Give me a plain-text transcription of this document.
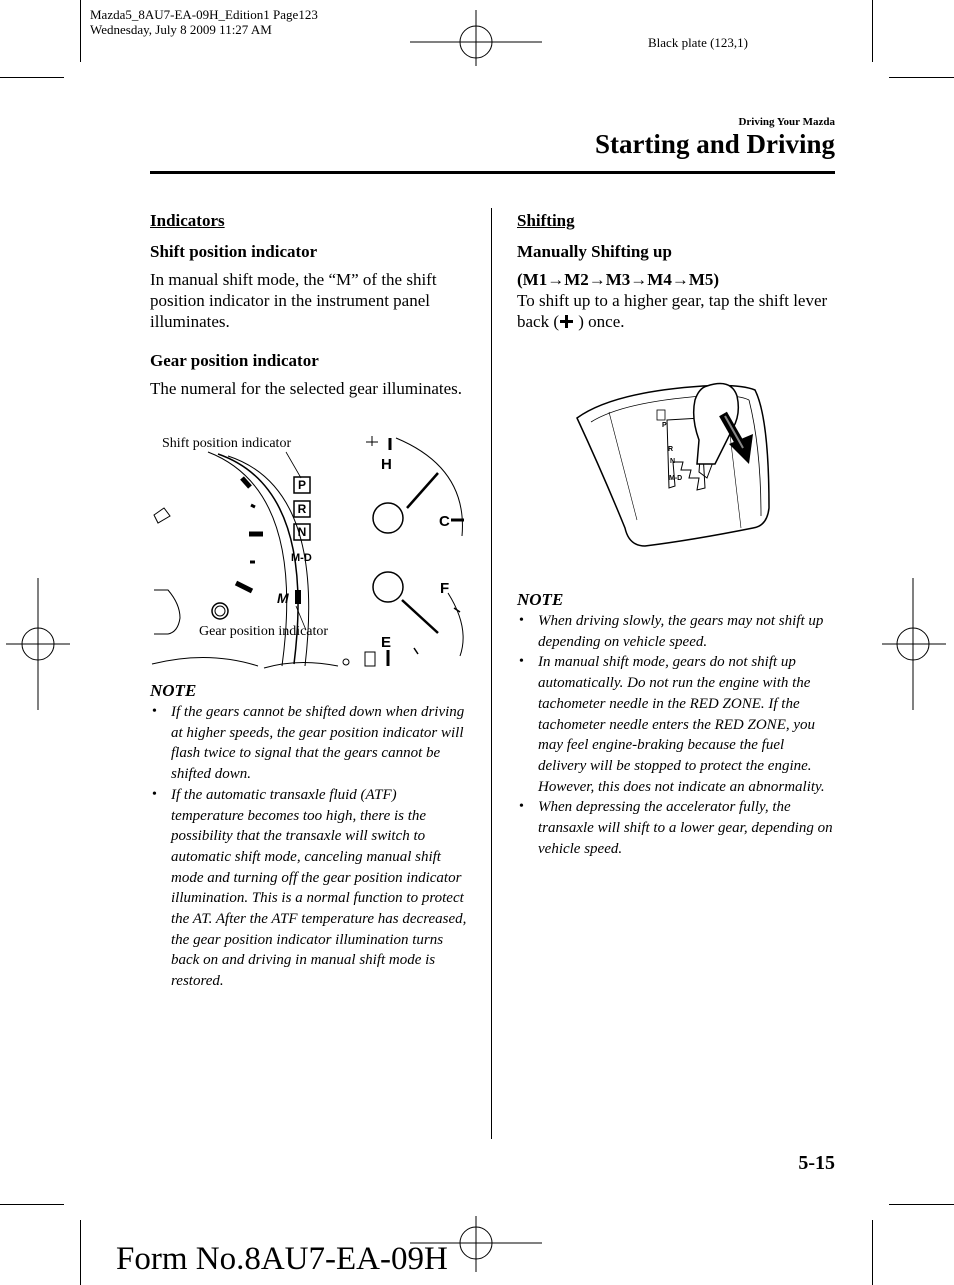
Mazda5_8AU7-EA-09H_Edition1 Page123
Wednesday, July 8 2009 11:27 AM
Black plate (123,1)
Driving Your Mazda
Starting and Driving
Indicators
Shift position indicator
In manual shift mode, the “M” of the shift position indicator in the instrument panel illuminates.
Gear position indicator
The numeral for the selected gear illuminates.
Shift position indicator
Gear position indicator
P
R
N
M-D
M
H
C
F
E
NOTE
• If the gears cannot be shifted down when driving at higher speeds, the gear position indicator will flash twice to signal that the gears cannot be shifted down.
• If the automatic transaxle fluid (ATF) temperature becomes too high, there is the possibility that the transaxle will switch to automatic shift mode, canceling manual shift mode and turning off the gear position indicator illumination. This is a normal function to protect the AT. After the ATF temperature has decreased, the gear position indicator illumination turns back on and driving in manual shift mode is restored.
Shifting
Manually Shifting up
(M1→M2→M3→M4→M5)
To shift up to a higher gear, tap the shift lever back (
) once.
P
R
N
M-D
NOTE
• When driving slowly, the gears may not shift up depending on vehicle speed.
• In manual shift mode, gears do not shift up automatically. Do not run the engine with the tachometer needle in the RED ZONE. If the tachometer needle enters the RED ZONE, you may feel engine-braking because the fuel delivery will be stopped to protect the engine. However, this does not indicate an abnormality.
• When depressing the accelerator fully, the transaxle will shift to a lower gear, depending on vehicle speed.
5-15
Form No.8AU7-EA-09H
